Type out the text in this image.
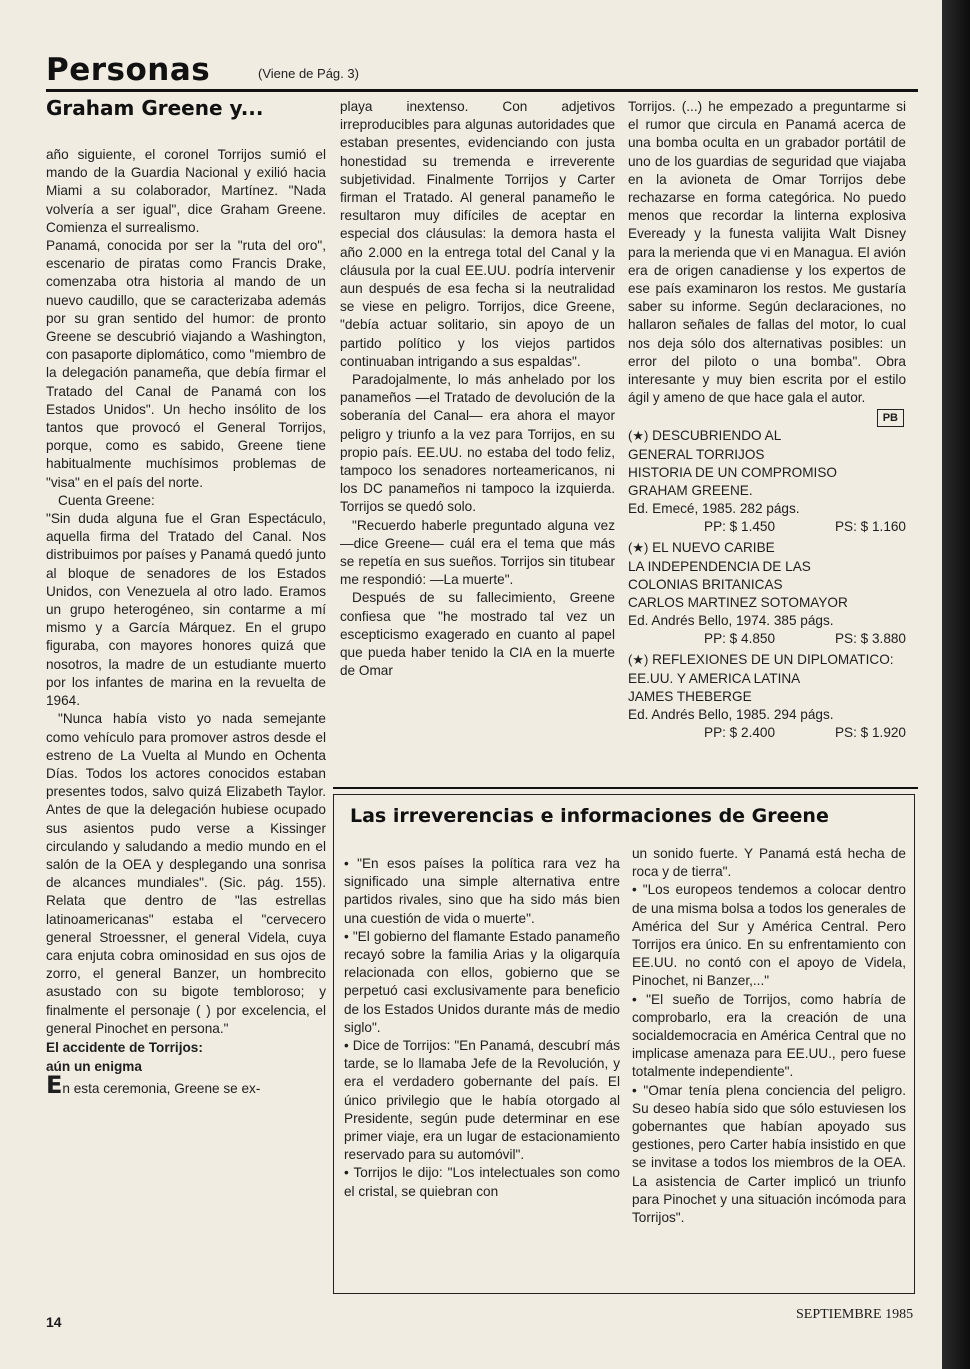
Personas	(Viene de Pág. 3)
Graham Greene y...

año siguiente, el coronel Torrijos sumió el mando de la Guardia Nacional y exilió hacia Miami a su colaborador, Martínez. "Nada volvería a ser igual", dice Graham Greene. Comienza el surrealismo.

Panamá, conocida por ser la "ruta del oro", escenario de piratas como Francis Drake, comenzaba otra historia al mando de un nuevo caudillo, que se caracterizaba además por su gran sentido del humor: de pronto Greene se descubrió viajando a Washington, con pasaporte diplomático, como "miembro de la delegación panameña, que debía firmar el Tratado del Canal de Panamá con los Estados Unidos". Un hecho insólito de los tantos que provocó el General Torrijos, porque, como es sabido, Greene tiene habitualmente muchísimos problemas de "visa" en el país del norte.

Cuenta Greene:

"Sin duda alguna fue el Gran Espectáculo, aquella firma del Tratado del Canal. Nos distribuimos por países y Panamá quedó junto al bloque de senadores de los Estados Unidos, con Venezuela al otro lado. Eramos un grupo heterogéneo, sin contarme a mí mismo y a García Márquez. En el grupo figuraba, con mayores honores quizá que nosotros, la madre de un estudiante muerto por los infantes de marina en la revuelta de 1964.

"Nunca había visto yo nada semejante como vehículo para promover astros desde el estreno de La Vuelta al Mundo en Ochenta Días. Todos los actores conocidos estaban presentes todos, salvo quizá Elizabeth Taylor. Antes de que la delegación hubiese ocupado sus asientos pudo verse a Kissinger circulando y saludando a medio mundo en el salón de la OEA y desplegando una sonrisa de alcances mundiales". (Sic. pág. 155). Relata que dentro de "las estrellas latinoamericanas" estaba el "cervecero general Stroessner, el general Videla, cuya cara enjuta cobra ominosidad en sus ojos de zorro, el general Banzer, un hombrecito asustado con su bigote tembloroso; y finalmente el personaje ( ) por excelencia, el general Pinochet en persona."

El accidente de Torrijos:

aún un enigma

En esta ceremonia, Greene se ex-

playa inextenso. Con adjetivos irreproducibles para algunas autoridades que estaban presentes, evidenciando con justa honestidad su tremenda e irreverente subjetividad. Finalmente Torrijos y Carter firman el Tratado. Al general panameño le resultaron muy difíciles de aceptar en especial dos cláusulas: la demora hasta el año 2.000 en la entrega total del Canal y la cláusula por la cual EE.UU. podría intervenir aun después de esa fecha si la neutralidad se viese en peligro. Torrijos, dice Greene, "debía actuar solitario, sin apoyo de un partido político y los viejos partidos continuaban intrigando a sus espaldas".

Paradojalmente, lo más anhelado por los panameños —el Tratado de devolución de la soberanía del Canal— era ahora el mayor peligro y triunfo a la vez para Torrijos, en su propio país. EE.UU. no estaba del todo feliz, tampoco los senadores norteamericanos, ni los DC panameños ni tampoco la izquierda. Torrijos se quedó solo.

"Recuerdo haberle preguntado alguna vez —dice Greene— cuál era el tema que más se repetía en sus sueños. Torrijos sin titubear me respondió: —La muerte".

Después de su fallecimiento, Greene confiesa que "he mostrado tal vez un escepticismo exagerado en cuanto al papel que pueda haber tenido la CIA en la muerte de Omar

Torrijos. (...) he empezado a preguntarme si el rumor que circula en Panamá acerca de una bomba oculta en un grabador portátil de uno de los guardias de seguridad que viajaba en la avioneta de Omar Torrijos debe rechazarse en forma categórica. No puedo menos que recordar la linterna explosiva Eveready y la funesta valijita Walt Disney para la merienda que vi en Managua. El avión era de origen canadiense y los expertos de ese país examinaron los restos. Me gustaría saber su informe. Según declaraciones, no hallaron señales de fallas del motor, lo cual nos deja sólo dos alternativas posibles: un error del piloto o una bomba". Obra interesante y muy bien escrita por el estilo ágil y ameno de que hace gala el autor.

PB
(★) DESCUBRIENDO AL
GENERAL TORRIJOS
HISTORIA DE UN COMPROMISO
GRAHAM GREENE.
Ed. Emecé, 1985. 282 págs.
PP: $ 1.450	PS: $ 1.160
(★) EL NUEVO CARIBE
LA INDEPENDENCIA DE LAS
COLONIAS BRITANICAS
CARLOS MARTINEZ SOTOMAYOR
Ed. Andrés Bello, 1974. 385 págs.
PP: $ 4.850	PS: $ 3.880
(★) REFLEXIONES DE UN DIPLOMATICO:
EE.UU. Y AMERICA LATINA
JAMES THEBERGE
Ed. Andrés Bello, 1985. 294 págs.
PP: $ 2.400	PS: $ 1.920
Las irreverencias e informaciones de Greene

• "En esos países la política rara vez ha significado una simple alternativa entre partidos rivales, sino que ha sido más bien una cuestión de vida o muerte".

• "El gobierno del flamante Estado panameño recayó sobre la familia Arias y la oligarquía relacionada con ellos, gobierno que se perpetuó casi exclusivamente para beneficio de los Estados Unidos durante más de medio siglo".

• Dice de Torrijos: "En Panamá, descubrí más tarde, se lo llamaba Jefe de la Revolución, y era el verdadero gobernante del país. El único privilegio que le había otorgado al Presidente, según pude determinar en ese primer viaje, era un lugar de estacionamiento reservado para su automóvil".

• Torrijos le dijo: "Los intelectuales son como el cristal, se quiebran con

un sonido fuerte. Y Panamá está hecha de roca y de tierra".

• "Los europeos tendemos a colocar dentro de una misma bolsa a todos los generales de América del Sur y América Central. Pero Torrijos era único. En su enfrentamiento con EE.UU. no contó con el apoyo de Videla, Pinochet, ni Banzer,..."

• "El sueño de Torrijos, como habría de comprobarlo, era la creación de una socialdemocracia en América Central que no implicase amenaza para EE.UU., pero fuese totalmente independiente".

• "Omar tenía plena conciencia del peligro. Su deseo había sido que sólo estuviesen los gobernantes que habían apoyado sus gestiones, pero Carter había insistido en que se invitase a todos los miembros de la OEA. La asistencia de Carter implicó un triunfo para Pinochet y una situación incómoda para Torrijos".

14	SEPTIEMBRE 1985
